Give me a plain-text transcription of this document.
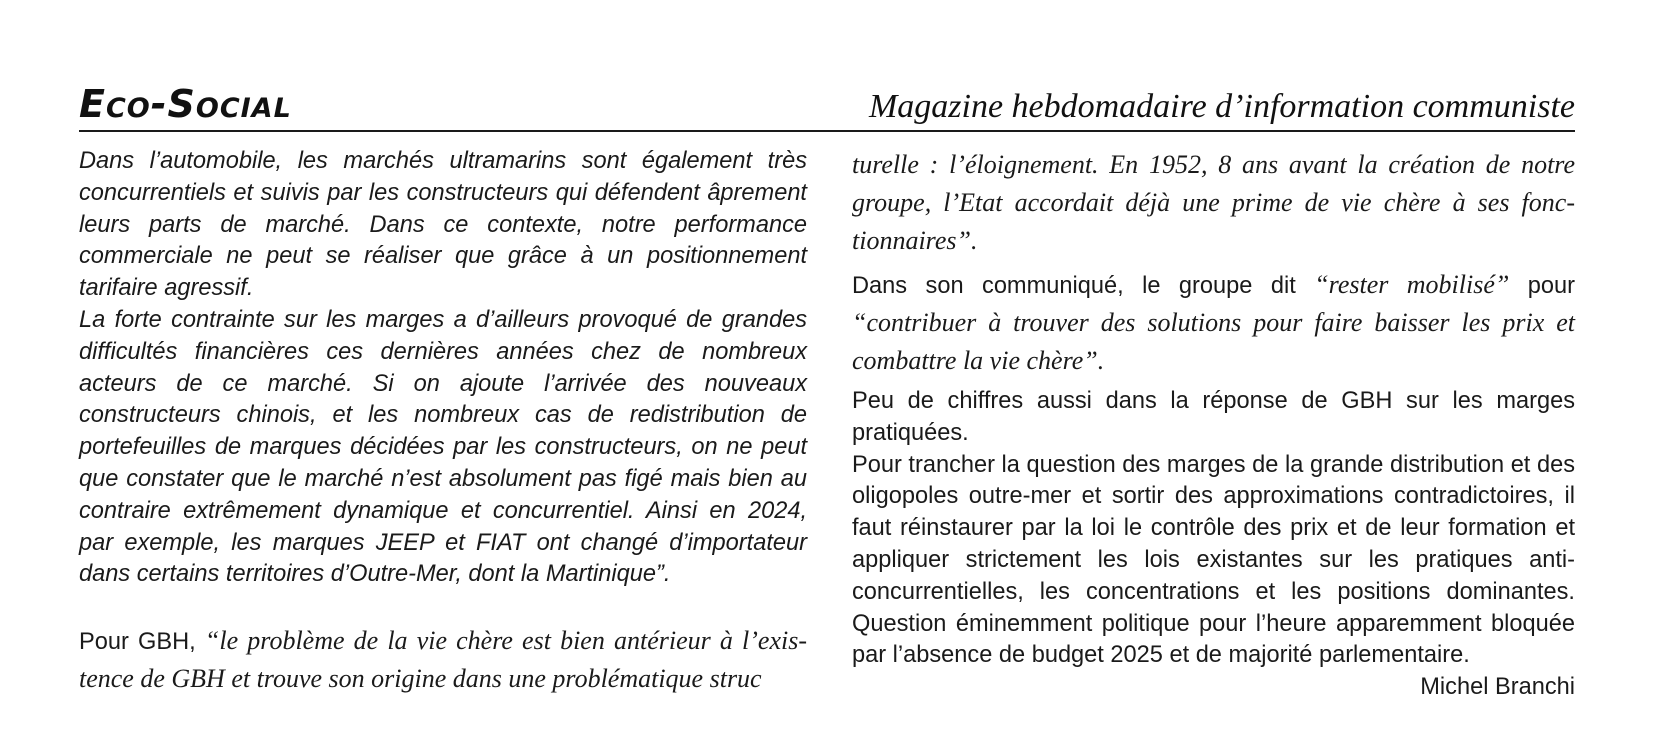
Eco-Social	Magazine hebdomadaire d’information communiste

Dans l’automobile, les marchés ultramarins sont également très concurrentiels et suivis par les constructeurs qui défendent âprement leurs parts de marché. Dans ce contexte, notre performance commerciale ne peut se réaliser que grâce à un positionnement tarifaire agressif.

La forte contrainte sur les marges a d’ailleurs provoqué de grandes difficultés financières ces dernières années chez de nombreux acteurs de ce marché. Si on ajoute l’arrivée des nouveaux constructeurs chinois, et les nombreux cas de redistribution de portefeuilles de marques décidées par les constructeurs, on ne peut que constater que le marché n’est absolument pas figé mais bien au contraire extrêmement dynamique et concurrentiel. Ainsi en 2024, par exemple, les marques JEEP et FIAT ont changé d’importateur dans certains territoires d’Outre-Mer, dont la Martinique”.

Pour GBH, “le problème de la vie chère est bien antérieur à l’existence de GBH et trouve son origine dans une problématique struc

turelle : l’éloignement. En 1952, 8 ans avant la création de notre groupe, l’Etat accordait déjà une prime de vie chère à ses fonctionnaires”.

Dans son communiqué, le groupe dit “rester mobilisé” pour “contribuer à trouver des solutions pour faire baisser les prix et combattre la vie chère”.

Peu de chiffres aussi dans la réponse de GBH sur les marges pratiquées.

Pour trancher la question des marges de la grande distribution et des oligopoles outre-mer et sortir des approximations contradictoires, il faut réinstaurer par la loi le contrôle des prix et de leur formation et appliquer strictement les lois existantes sur les pratiques anti-concurrentielles, les concentrations et les positions dominantes. Question éminemment politique pour l’heure apparemment bloquée par l’absence de budget 2025 et de majorité parlementaire.

Michel Branchi
